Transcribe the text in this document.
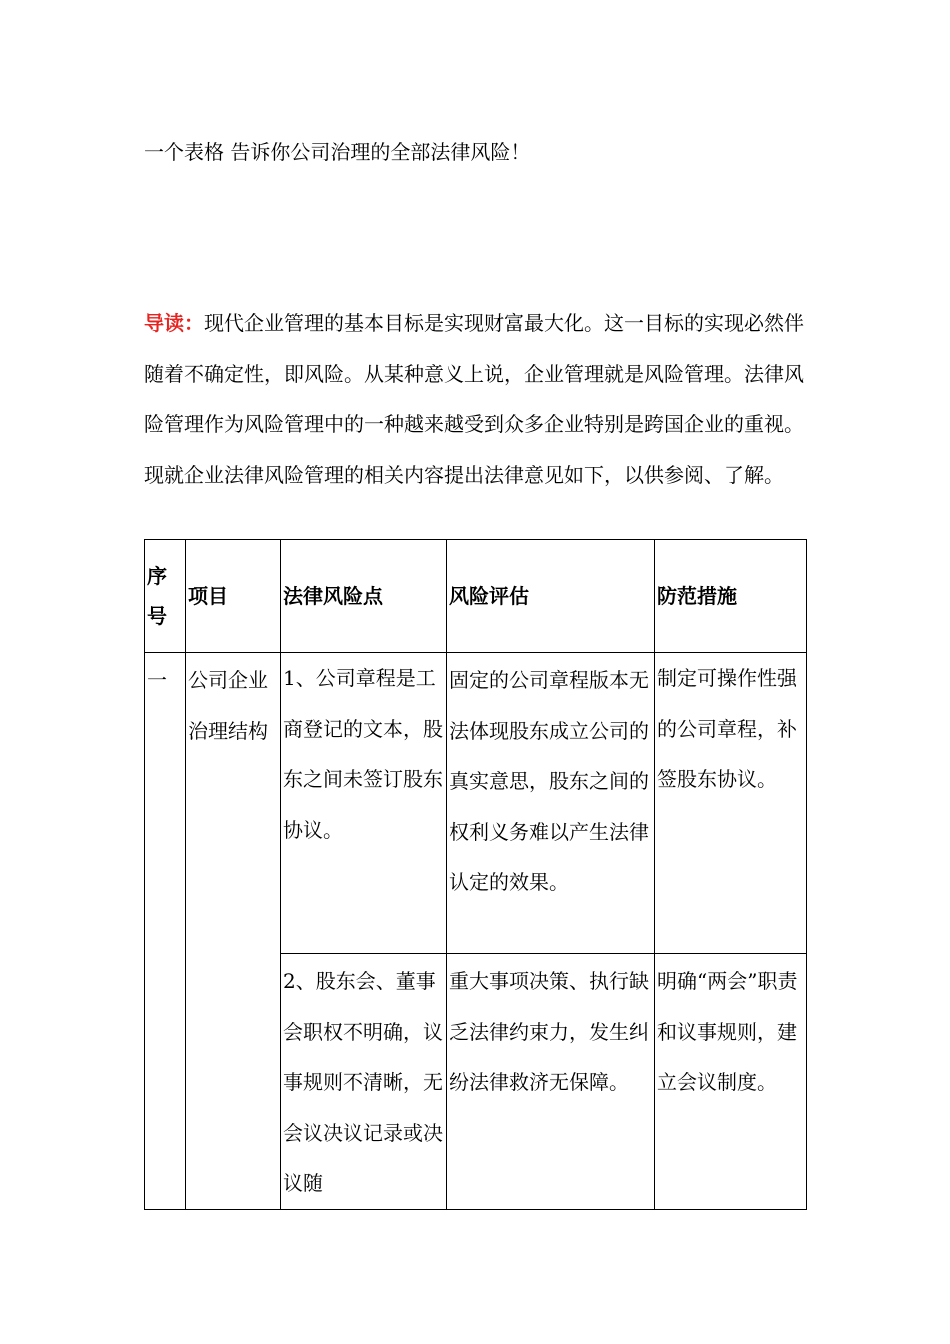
一个表格 告诉你公司治理的全部法律风险！
导读：现代企业管理的基本目标是实现财富最大化。这一目标的实现必然伴随着不确定性，即风险。从某种意义上说，企业管理就是风险管理。法律风险管理作为风险管理中的一种越来越受到众多企业特别是跨国企业的重视。现就企业法律风险管理的相关内容提出法律意见如下，以供参阅、了解。
序号	项目	法律风险点	风险评估	防范措施

一	公司企业治理结构	1、公司章程是工商登记的文本，股东之间未签订股东协议。	固定的公司章程版本无法体现股东成立公司的真实意思，股东之间的权利义务难以产生法律认定的效果。	制定可操作性强的公司章程，补签股东协议。

		2、股东会、董事会职权不明确，议事规则不清晰，无会议决议记录或决议随	重大事项决策、执行缺乏法律约束力，发生纠纷法律救济无保障。	明确“两会”职责和议事规则，建立会议制度。
